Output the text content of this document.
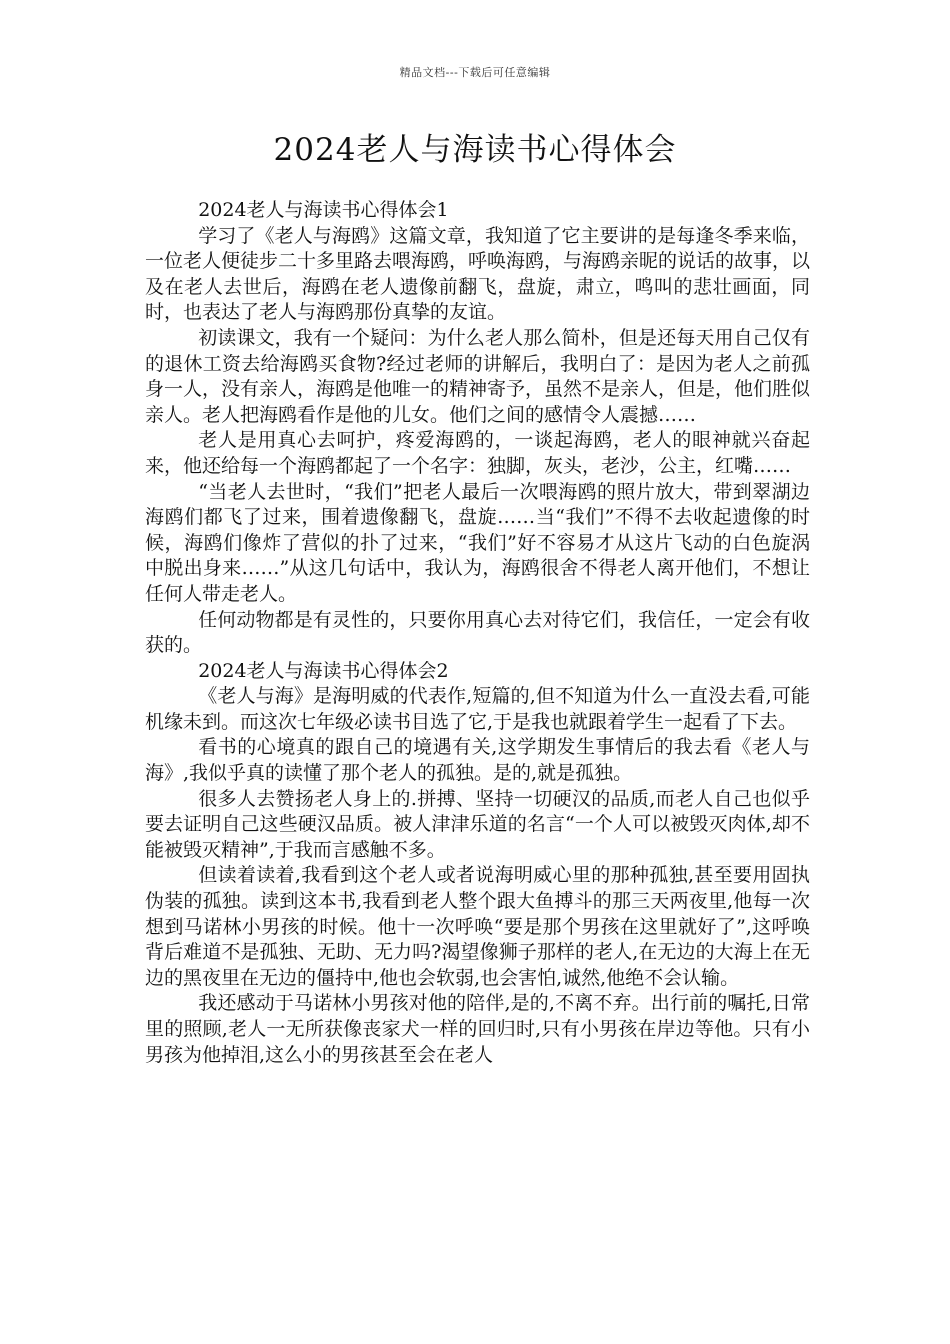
精品文档---下载后可任意编辑
2024老人与海读书心得体会

2024老人与海读书心得体会1

学习了《老人与海鸥》这篇文章，我知道了它主要讲的是每逢冬季来临，一位老人便徒步二十多里路去喂海鸥，呼唤海鸥，与海鸥亲昵的说话的故事，以及在老人去世后，海鸥在老人遗像前翻飞，盘旋，肃立，鸣叫的悲壮画面，同时，也表达了老人与海鸥那份真挚的友谊。

初读课文，我有一个疑问：为什么老人那么简朴，但是还每天用自己仅有的退休工资去给海鸥买食物?经过老师的讲解后，我明白了：是因为老人之前孤身一人，没有亲人，海鸥是他唯一的精神寄予，虽然不是亲人，但是，他们胜似亲人。老人把海鸥看作是他的儿女。他们之间的感情令人震撼……

老人是用真心去呵护，疼爱海鸥的，一谈起海鸥，老人的眼神就兴奋起来，他还给每一个海鸥都起了一个名字：独脚，灰头，老沙，公主，红嘴……

“当老人去世时，“我们”把老人最后一次喂海鸥的照片放大，带到翠湖边海鸥们都飞了过来，围着遗像翻飞，盘旋……当“我们”不得不去收起遗像的时候，海鸥们像炸了营似的扑了过来，“我们”好不容易才从这片飞动的白色旋涡中脱出身来……”从这几句话中，我认为，海鸥很舍不得老人离开他们，不想让任何人带走老人。

任何动物都是有灵性的，只要你用真心去对待它们，我信任，一定会有收获的。

2024老人与海读书心得体会2

《老人与海》是海明威的代表作,短篇的,但不知道为什么一直没去看,可能机缘未到。而这次七年级必读书目选了它,于是我也就跟着学生一起看了下去。

看书的心境真的跟自己的境遇有关,这学期发生事情后的我去看《老人与海》,我似乎真的读懂了那个老人的孤独。是的,就是孤独。

很多人去赞扬老人身上的.拼搏、坚持一切硬汉的品质,而老人自己也似乎要去证明自己这些硬汉品质。被人津津乐道的名言“一个人可以被毁灭肉体,却不能被毁灭精神”,于我而言感触不多。

但读着读着,我看到这个老人或者说海明威心里的那种孤独,甚至要用固执伪装的孤独。读到这本书,我看到老人整个跟大鱼搏斗的那三天两夜里,他每一次想到马诺林小男孩的时候。他十一次呼唤“要是那个男孩在这里就好了”,这呼唤背后难道不是孤独、无助、无力吗?渴望像狮子那样的老人,在无边的大海上在无边的黑夜里在无边的僵持中,他也会软弱,也会害怕,诚然,他绝不会认输。

我还感动于马诺林小男孩对他的陪伴,是的,不离不弃。出行前的嘱托,日常里的照顾,老人一无所获像丧家犬一样的回归时,只有小男孩在岸边等他。只有小男孩为他掉泪,这么小的男孩甚至会在老人
